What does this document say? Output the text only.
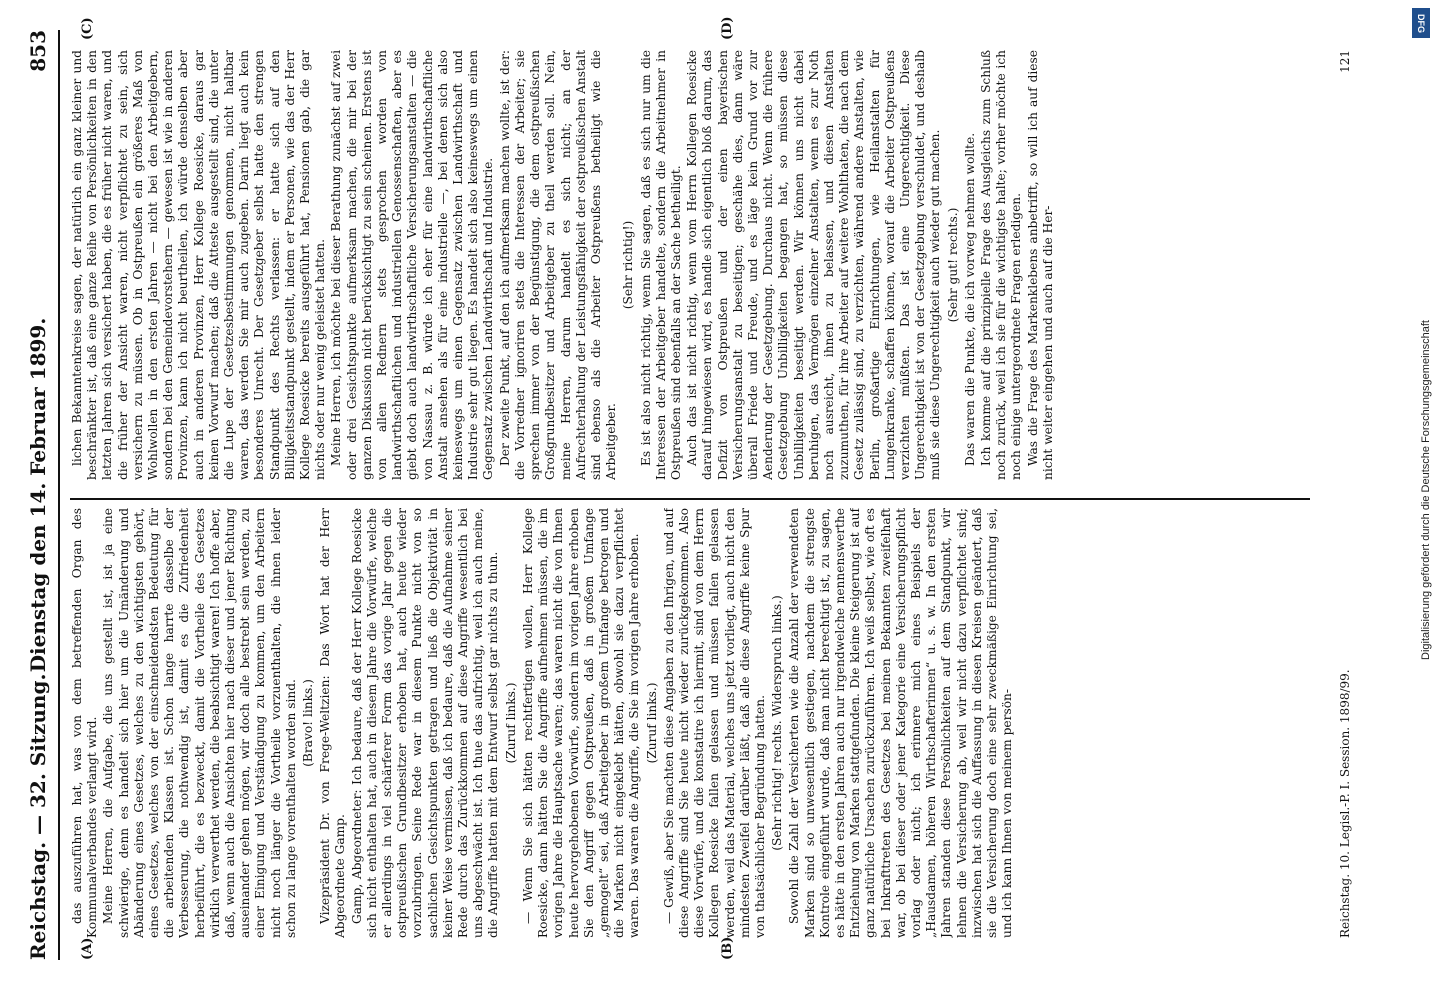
Reichstag. — 32. Sitzung.
Dienstag den 14. Februar 1899.
853
(A)	(B)
(C)	(D)

das auszuführen hat, was von dem betreffenden Organ des Kommunalverbandes verlangt wird. Meine Herren, die Aufgabe, die uns gestellt ist, ist ja eine schwierige, denn es handelt sich hier um die Umänderung und Abänderung eines Gesetzes, welches zu den wichtigsten gehört, eines Gesetzes, welches von der einschneidendsten Bedeutung für die arbeitenden Klassen ist. Schon lange harrte dasselbe der Verbesserung, die nothwendig ist, damit es die Zufriedenheit herbeiführt, die es bezweckt, damit die Vortheile des Gesetzes wirklich verwerthet werden, die beabsichtigt waren! Ich hoffe aber, daß, wenn auch die Ansichten hier nach dieser und jener Richtung auseinander gehen mögen, wir doch alle bestrebt sein werden, zu einer Einigung und Verständigung zu kommen, um den Arbeitern nicht noch länger die Vortheile vorzuenthalten, die ihnen leider schon zu lange vorenthalten worden sind. (Bravo! links.) Vizepräsident Dr. von Frege-Weltzien: Das Wort hat der Herr Abgeordnete Gamp. Gamp, Abgeordneter: Ich bedaure, daß der Herr Kollege Roesicke sich nicht enthalten hat, auch in diesem Jahre die Vorwürfe, welche er allerdings in viel schärferer Form das vorige Jahr gegen die ostpreußischen Grundbesitzer erhoben hat, auch heute wieder vorzubringen. Seine Rede war in diesem Punkte nicht von so sachlichen Gesichtspunkten getragen und ließ die Objektivität in keiner Weise vermissen, daß ich bedaure, daß die Aufnahme seiner Rede durch das Zurückkommen auf diese Angriffe wesentlich bei uns abgeschwächt ist. Ich thue das aufrichtig, weil ich auch meine, die Angriffe hatten mit dem Entwurf selbst gar nichts zu thun. (Zuruf links.) — Wenn Sie sich hätten rechtfertigen wollen, Herr Kollege Roesicke, dann hätten Sie die Angriffe aufnehmen müssen, die im vorigen Jahre die Hauptsache waren; das waren nicht die von Ihnen heute hervorgehobenen Vorwürfe, sondern im vorigen Jahre erhoben Sie den Angriff gegen Ostpreußen, daß in großem Umfange „gemogelt“ sei, daß Arbeitgeber in großem Umfange betrogen und die Marken nicht eingeklebt hätten, obwohl sie dazu verpflichtet waren. Das waren die Angriffe, die Sie im vorigen Jahre erhoben. (Zuruf links.) — Gewiß, aber Sie machten diese Angaben zu den Ihrigen, und auf diese Angriffe sind Sie heute nicht wieder zurückgekommen. Also diese Vorwürfe, und die konstatire ich hiermit, sind von dem Herrn Kollegen Roesicke fallen gelassen und müssen fallen gelassen werden, weil das Material, welches uns jetzt vorliegt, auch nicht den mindesten Zweifel darüber läßt, daß alle diese Angriffe keine Spur von thatsächlicher Begründung hatten. (Sehr richtig! rechts. Widerspruch links.) Sowohl die Zahl der Versicherten wie die Anzahl der verwendeten Marken sind so unwesentlich gestiegen, nachdem die strengste Kontrole eingeführt wurde, daß man nicht berechtigt ist, zu sagen, es hätte in den ersten Jahren auch nur irgendwelche nennenswerthe Entziehung von Marken stattgefunden. Die kleine Steigerung ist auf ganz natürliche Ursachen zurückzuführen. Ich weiß selbst, wie oft es bei Inkrafttreten des Gesetzes bei meinen Bekannten zweifelhaft war, ob bei dieser oder jener Kategorie eine Versicherungspflicht vorlag oder nicht; ich erinnere mich eines Beispiels der „Hausdamen, höheren Wirthschafterinnen“ u. s. w. In den ersten Jahren standen diese Persönlichkeiten auf dem Standpunkt, wir lehnen die Versicherung ab, weil wir nicht dazu verpflichtet sind; inzwischen hat sich die Auffassung in diesen Kreisen geändert, daß sie die Versicherung doch eine sehr zweckmäßige Einrichtung sei, und ich kann Ihnen von meinem persön-

lichen Bekanntenkreise sagen, der natürlich ein ganz kleiner und beschränkter ist, daß eine ganze Reihe von Persönlichkeiten in den letzten Jahren sich versichert haben, die es früher nicht waren, und die früher der Ansicht waren, nicht verpflichtet zu sein, sich versichern zu müssen. Ob in Ostpreußen ein größeres Maß von Wohlwollen in den ersten Jahren — nicht bei den Arbeitgebern, sondern bei den Gemeindevorstehern — gewesen ist wie in anderen Provinzen, kann ich nicht beurtheilen, ich würde denselben aber auch in anderen Provinzen, Herr Kollege Roesicke, daraus gar keinen Vorwurf machen; daß die Atteste ausgestellt sind, die unter die Lupe der Gesetzesbestimmungen genommen, nicht haltbar waren, das werden Sie mir auch zugeben. Darin liegt auch kein besonderes Unrecht. Der Gesetzgeber selbst hatte den strengen Standpunkt des Rechts verlassen: er hatte sich auf den Billigkeitsstandpunkt gestellt, indem er Personen, wie das der Herr Kollege Roesicke bereits ausgeführt hat, Pensionen gab, die gar nichts oder nur wenig geleistet hatten. Meine Herren, ich möchte bei dieser Berathung zunächst auf zwei oder drei Gesichtspunkte aufmerksam machen, die mir bei der ganzen Diskussion nicht berücksichtigt zu sein scheinen. Erstens ist von allen Rednern stets gesprochen worden von landwirthschaftlichen und industriellen Genossenschaften, aber es giebt doch auch landwirthschaftliche Versicherungsanstalten — die von Nassau z. B. würde ich eher für eine landwirthschaftliche Anstalt ansehen als für eine industrielle —, bei denen sich also keineswegs um einen Gegensatz zwischen Landwirthschaft und Industrie sehr gut liegen. Es handelt sich also keineswegs um einen Gegensatz zwischen Landwirthschaft und Industrie. Der zweite Punkt, auf den ich aufmerksam machen wollte, ist der: die Vorredner ignoriren stets die Interessen der Arbeiter; sie sprechen immer von der Begünstigung, die dem ostpreußischen Großgrundbesitzer und Arbeitgeber zu theil werden soll. Nein, meine Herren, darum handelt es sich nicht; an der Aufrechterhaltung der Leistungsfähigkeit der ostpreußischen Anstalt sind ebenso als die Arbeiter Ostpreußens betheiligt wie die Arbeitgeber.

(Sehr richtig!) Es ist also nicht richtig, wenn Sie sagen, daß es sich nur um die Interessen der Arbeitgeber handelte, sondern die Arbeitnehmer in Ostpreußen sind ebenfalls an der Sache betheiligt. Auch das ist nicht richtig, wenn vom Herrn Kollegen Roesicke darauf hingewiesen wird, es handle sich eigentlich bloß darum, das Defizit von Ostpreußen und der einen bayerischen Versicherungsanstalt zu beseitigen; geschähe dies, dann wäre überall Friede und Freude, und es läge kein Grund vor zur Aenderung der Gesetzgebung. Durchaus nicht. Wenn die frühere Gesetzgebung Unbilligkeiten begangen hat, so müssen diese Unbilligkeiten beseitigt werden. Wir können uns nicht dabei beruhigen, das Vermögen einzelner Anstalten, wenn es zur Noth noch ausreicht, ihnen zu belassen, und diesen Anstalten zuzumuthen, für ihre Arbeiter auf weitere Wohlthaten, die nach dem Gesetz zulässig sind, zu verzichten, während andere Anstalten, wie Berlin, großartige Einrichtungen, wie Heilanstalten für Lungenkranke, schaffen können, worauf die Arbeiter Ostpreußens verzichten müßten. Das ist eine Ungerechtigkeit. Diese Ungerechtigkeit ist von der Gesetzgebung verschuldet, und deshalb muß sie diese Ungerechtigkeit auch wieder gut machen. (Sehr gut! rechts.) Das waren die Punkte, die ich vorweg nehmen wollte. Ich komme auf die prinzipielle Frage des Ausgleichs zum Schluß noch zurück, weil ich sie für die wichtigste halte; vorher möchte ich noch einige untergeordnete Fragen erledigen. Was die Frage des Markenklebens anbetrifft, so will ich auf diese nicht weiter eingehen und auch auf die Her-

Reichstag. 10. Legisl.-P. I. Session. 1898/99.
121
DFG
Digitalisierung gefördert durch die Deutsche Forschungsgemeinschaft
